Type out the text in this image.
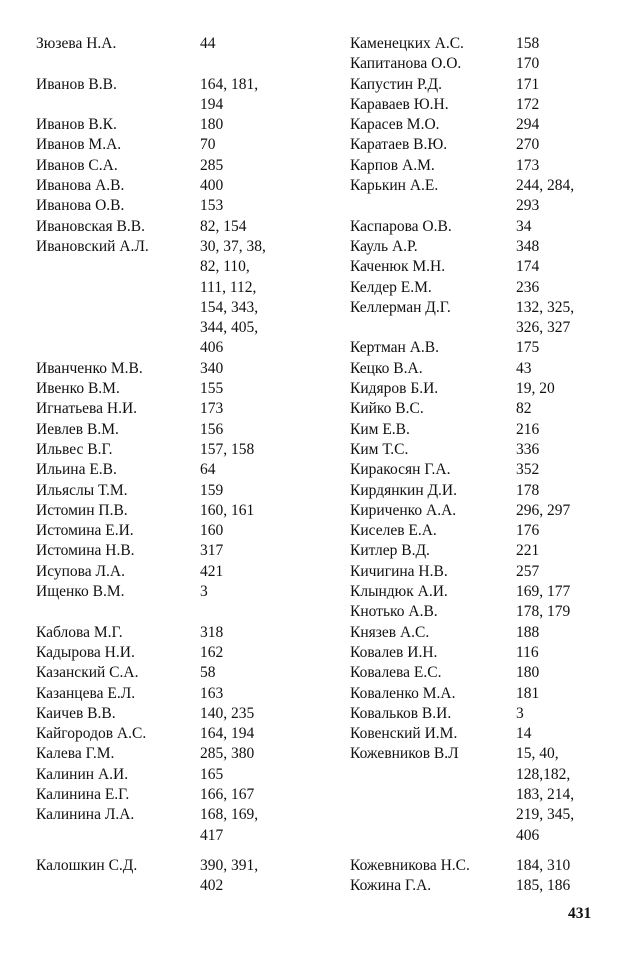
Зюзева Н.А.	44
Иванов В.В.	164, 181,
194
Иванов В.К.	180
Иванов М.А.	70
Иванов С.А.	285
Иванова А.В.	400
Иванова О.В.	153
Ивановская В.В.	82, 154
Ивановский А.Л.	30, 37, 38,
82, 110,
111, 112,
154, 343,
344, 405,
406
Иванченко М.В.	340
Ивенко В.М.	155
Игнатьева Н.И.	173
Иевлев В.М.	156
Ильвес В.Г.	157, 158
Ильина Е.В.	64
Ильяслы Т.М.	159
Истомин П.В.	160, 161
Истомина Е.И.	160
Истомина Н.В.	317
Исупова Л.А.	421
Ищенко В.М.	3
Каблова М.Г.	318
Кадырова Н.И.	162
Казанский С.А.	58
Казанцева Е.Л.	163
Каичев В.В.	140, 235
Кайгородов А.С.	164, 194
Калева Г.М.	285, 380
Калинин А.И.	165
Калинина Е.Г.	166, 167
Калинина Л.А.	168, 169,
417
Калошкин С.Д.	390, 391,
402
Каменецких А.С.	158
Капитанова О.О.	170
Капустин Р.Д.	171
Караваев Ю.Н.	172
Карасев М.О.	294
Каратаев В.Ю.	270
Карпов А.М.	173
Карькин А.Е.	244, 284,
293
Каспарова О.В.	34
Кауль А.Р.	348
Каченюк М.Н.	174
Келдер Е.М.	236
Келлерман Д.Г.	132, 325,
326, 327
Кертман А.В.	175
Кецко В.А.	43
Кидяров Б.И.	19, 20
Кийко В.С.	82
Ким Е.В.	216
Ким Т.С.	336
Киракосян Г.А.	352
Кирдянкин Д.И.	178
Кириченко А.А.	296, 297
Киселев Е.А.	176
Китлер В.Д.	221
Кичигина Н.В.	257
Клындюк А.И.	169, 177
Кнотько А.В.	178, 179
Князев А.С.	188
Ковалев И.Н.	116
Ковалева Е.С.	180
Коваленко М.А.	181
Ковальков В.И.	3
Ковенский И.М.	14
Кожевников В.Л	15, 40,
128,182,
183, 214,
219, 345,
406
Кожевникова Н.С.	184, 310
Кожина Г.А.	185, 186
431
